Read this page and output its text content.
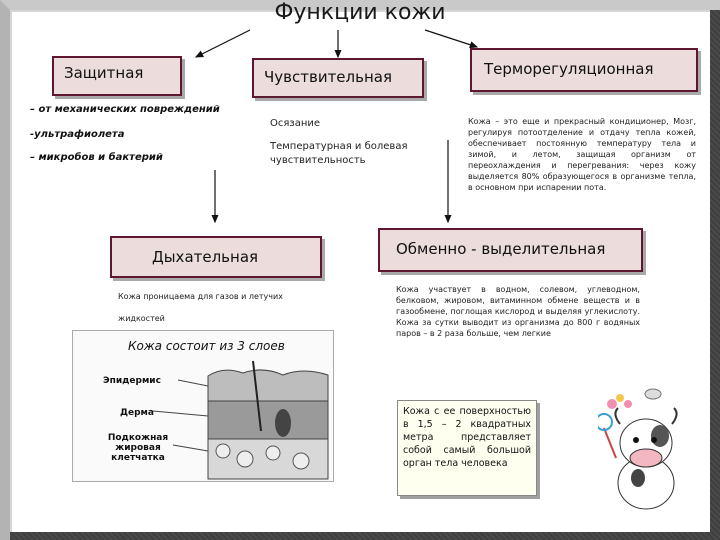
Функции кожи
Защитная	Чувствительная	Терморегуляционная
– от механических повреждений
-ультрафиолета
– микробов и бактерий
Осязание
Температурная и болевая чувствительность
Кожа – это еще и прекрасный кондиционер, Мозг, регулируя потоотделение и отдачу тепла кожей, обеспечивает постоянную температуру тела и зимой, и летом, защищая организм от переохлаждения и перегревания: через кожу выделяется 80% образующегося в организме тепла, в основном при испарении пота.
Дыхательная	Обменно - выделительная
Кожа проницаема для газов и летучих жидкостей
Кожа участвует в водном, солевом, углеводном, белковом, жировом, витаминном обмене веществ и в газообмене, поглощая кислород и выделяя углекислоту. Кожа за сутки выводит из организма до 800 г водяных паров – в 2 раза больше, чем легкие
Кожа состоит из 3 слоев
Эпидермис
Дерма
Подкожная жировая клетчатка
Кожа с ее поверхностью в 1,5 – 2 квадратных метра представляет собой самый большой орган тела человека
